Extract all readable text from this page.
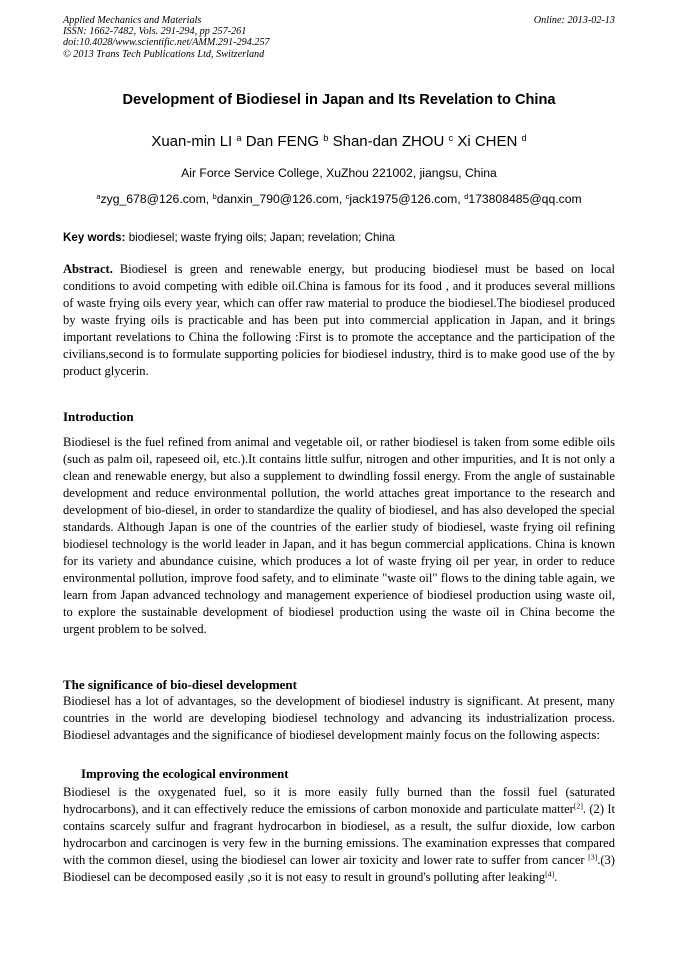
Applied Mechanics and Materials
ISSN: 1662-7482, Vols. 291-294, pp 257-261
doi:10.4028/www.scientific.net/AMM.291-294.257
© 2013 Trans Tech Publications Ltd, Switzerland
Online: 2013-02-13
Development of Biodiesel in Japan and Its Revelation to China
Xuan-min LI $^a$ Dan FENG $^b$ Shan-dan ZHOU $^c$ Xi CHEN $^d$
Air Force Service College, XuZhou 221002, jiangsu, China
$^a$zyg_678@126.com, $^b$danxin_790@126.com, $^c$jack1975@126.com, $^d$173808485@qq.com
Key words: biodiesel; waste frying oils; Japan; revelation; China
Abstract. Biodiesel is green and renewable energy, but producing biodiesel must be based on local conditions to avoid competing with edible oil.China is famous for its food , and it produces several millions of waste frying oils every year, which can offer raw material to produce the biodiesel.The biodiesel produced by waste frying oils is practicable and has been put into commercial application in Japan, and it brings important revelations to China the following :First is to promote the acceptance and the participation of the civilians,second is to formulate supporting policies for biodiesel industry, third is to make good use of the by product glycerin.
Introduction
Biodiesel is the fuel refined from animal and vegetable oil, or rather biodiesel is taken from some edible oils (such as palm oil, rapeseed oil, etc.).It contains little sulfur, nitrogen and other impurities, and It is not only a clean and renewable energy, but also a supplement to dwindling fossil energy. From the angle of sustainable development and reduce environmental pollution, the world attaches great importance to the research and development of bio-diesel, in order to standardize the quality of biodiesel, and has also developed the special standards. Although Japan is one of the countries of the earlier study of biodiesel, waste frying oil refining biodiesel technology is the world leader in Japan, and it has begun commercial applications. China is known for its variety and abundance cuisine, which produces a lot of waste frying oil per year, in order to reduce environmental pollution, improve food safety, and to eliminate "waste oil" flows to the dining table again, we learn from Japan advanced technology and management experience of biodiesel production using waste oil, to explore the sustainable development of biodiesel production using the waste oil in China become the urgent problem to be solved.
The significance of bio-diesel development
Biodiesel has a lot of advantages, so the development of biodiesel industry is significant. At present, many countries in the world are developing biodiesel technology and advancing its industrialization process. Biodiesel advantages and the significance of biodiesel development mainly focus on the following aspects:
Improving the ecological environment
Biodiesel is the oxygenated fuel, so it is more easily fully burned than the fossil fuel (saturated hydrocarbons), and it can effectively reduce the emissions of carbon monoxide and particulate matter[2]. (2) It contains scarcely sulfur and fragrant hydrocarbon in biodiesel, as a result, the sulfur dioxide, low carbon hydrocarbon and carcinogen is very few in the burning emissions. The examination expresses that compared with the common diesel, using the biodiesel can lower air toxicity and lower rate to suffer from cancer [3].(3) Biodiesel can be decomposed easily ,so it is not easy to result in ground's polluting after leaking[4].
